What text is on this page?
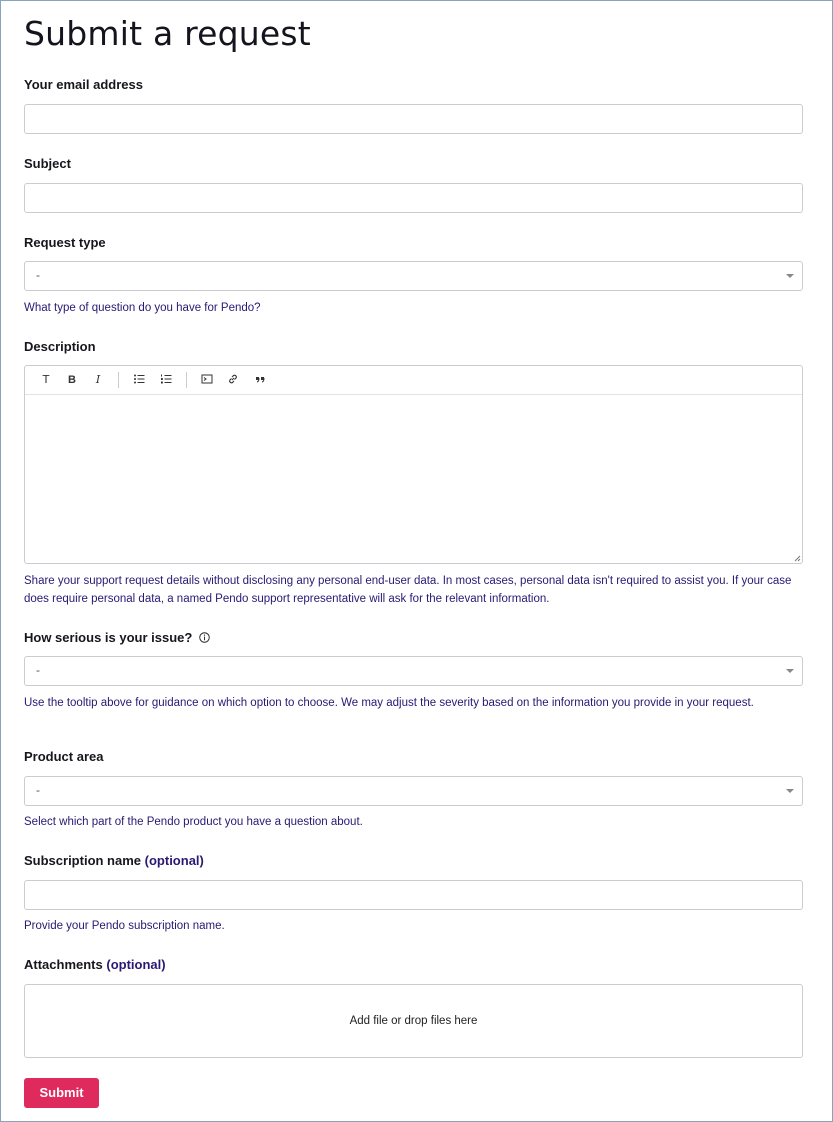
Submit a request
Your email address
Subject
Request type
-
What type of question do you have for Pendo?
Description
T	B	I
Share your support request details without disclosing any personal end-user data. In most cases, personal data isn't required to assist you. If your case does require personal data, a named Pendo support representative will ask for the relevant information.
How serious is your issue?
-
Use the tooltip above for guidance on which option to choose. We may adjust the severity based on the information you provide in your request.
Product area
-
Select which part of the Pendo product you have a question about.
Subscription name (optional)
Provide your Pendo subscription name.
Attachments (optional)
Add file or drop files here
Submit
